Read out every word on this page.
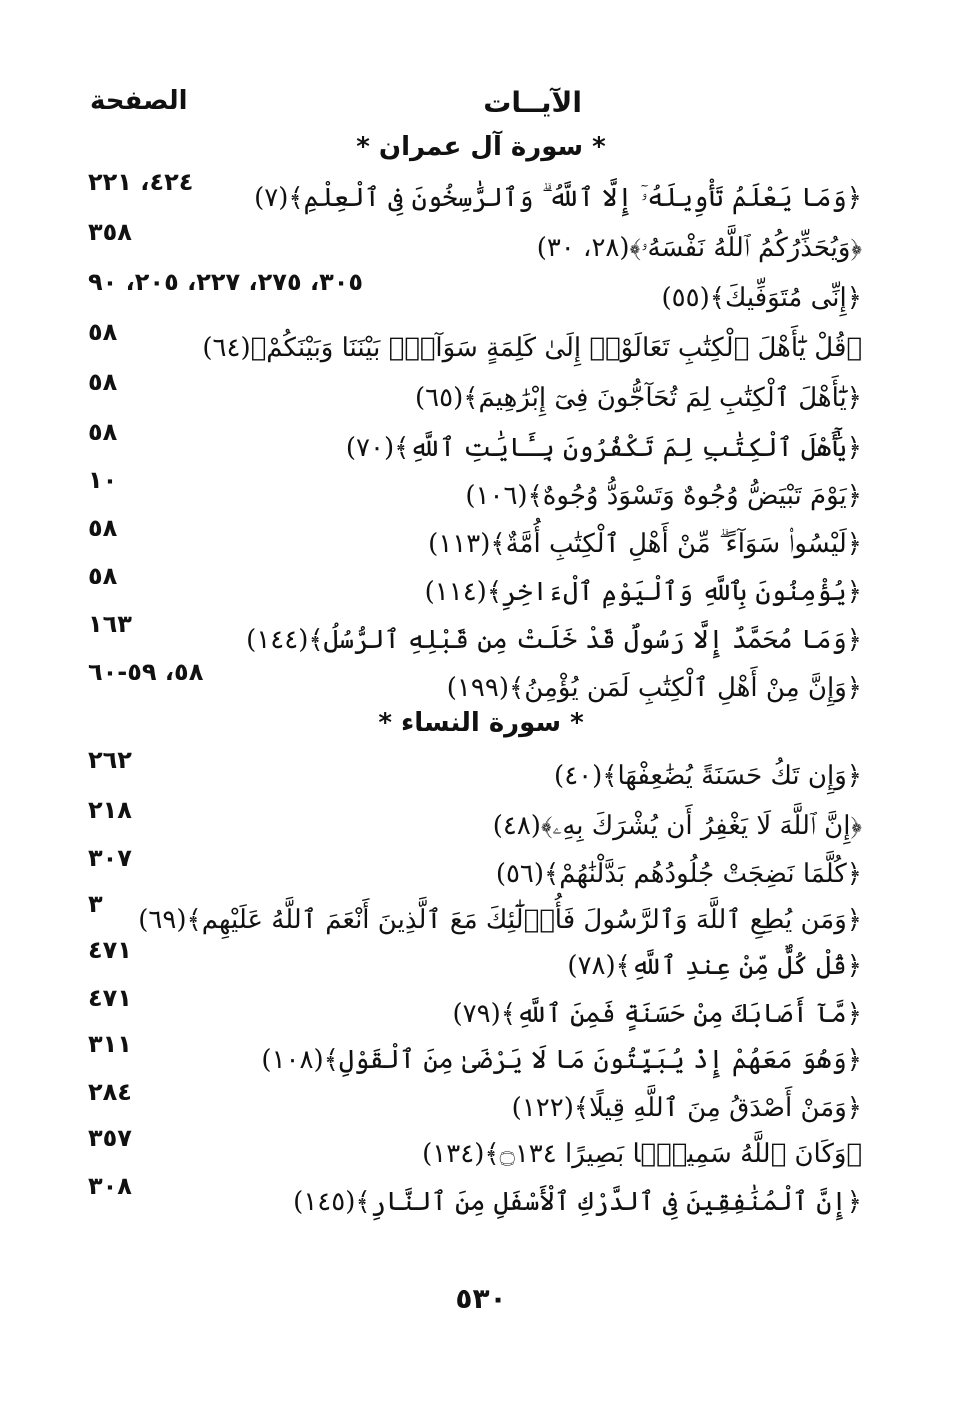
الآيــات
الصفحة
* سورة آل عمران *
﴿وَمَا يَعْلَمُ تَأْوِيلَهُۥٓ إِلَّا ٱللَّهُ ۗ وَٱلرَّٰسِخُونَ فِى ٱلْعِلْمِ﴾(٧)
٤٢٤، ٢٢١
﴿وَيُحَذِّرُكُمُ ٱللَّهُ نَفْسَهُۥ﴾(٢٨، ٣٠)
٣٥٨
﴿إِنِّى مُتَوَفِّيكَ﴾(٥٥)
٣٠٥، ٢٧٥، ٢٢٧، ٢٠٥، ٩٠
﴿قُلْ يَٰٓأَهْلَ ٱلْكِتَٰبِ تَعَالَوْا۟ إِلَىٰ كَلِمَةٍ سَوَآءٍۭ بَيْنَنَا وَبَيْنَكُمْ﴾(٦٤)
٥٨
﴿يَٰٓأَهْلَ ٱلْكِتَٰبِ لِمَ تُحَآجُّونَ فِىٓ إِبْرَٰهِيمَ﴾(٦٥)
٥٨
﴿يَٰٓأَهْلَ ٱلْكِتَٰبِ لِمَ تَكْفُرُونَ بِـَٔايَٰتِ ٱللَّهِ﴾(٧٠)
٥٨
﴿يَوْمَ تَبْيَضُّ وُجُوهٌ وَتَسْوَدُّ وُجُوهٌ﴾(١٠٦)
١٠
﴿لَيْسُوا۟ سَوَآءً ۗ مِّنْ أَهْلِ ٱلْكِتَٰبِ أُمَّةٌ﴾(١١٣)
٥٨
﴿يُؤْمِنُونَ بِٱللَّهِ وَٱلْيَوْمِ ٱلْءَاخِرِ﴾(١١٤)
٥٨
﴿وَمَا مُحَمَّدٌ إِلَّا رَسُولٌ قَدْ خَلَتْ مِن قَبْلِهِ ٱلرُّسُلُ﴾(١٤٤)
١٦٣
﴿وَإِنَّ مِنْ أَهْلِ ٱلْكِتَٰبِ لَمَن يُؤْمِنُ﴾(١٩٩)
٥٨، ٥٩-٦٠
* سورة النساء *
﴿وَإِن تَكُ حَسَنَةً يُضَٰعِفْهَا﴾(٤٠)
٢٦٢
﴿إِنَّ ٱللَّهَ لَا يَغْفِرُ أَن يُشْرَكَ بِهِۦ﴾(٤٨)
٢١٨
﴿كُلَّمَا نَضِجَتْ جُلُودُهُم بَدَّلْنَٰهُمْ﴾(٥٦)
٣٠٧
﴿وَمَن يُطِعِ ٱللَّهَ وَٱلرَّسُولَ فَأُو۟لَٰٓئِكَ مَعَ ٱلَّذِينَ أَنْعَمَ ٱللَّهُ عَلَيْهِم﴾(٦٩)
٣
﴿قُلْ كُلٌّ مِّنْ عِندِ ٱللَّهِ﴾(٧٨)
٤٧١
﴿مَّآ أَصَابَكَ مِنْ حَسَنَةٍ فَمِنَ ٱللَّهِ﴾(٧٩)
٤٧١
﴿وَهُوَ مَعَهُمْ إِذْ يُبَيِّتُونَ مَا لَا يَرْضَىٰ مِنَ ٱلْقَوْلِ﴾(١٠٨)
٣١١
﴿وَمَنْ أَصْدَقُ مِنَ ٱللَّهِ قِيلًا﴾(١٢٢)
٢٨٤
﴿وَكَانَ ٱللَّهُ سَمِيعًۢا بَصِيرًا ۝١٣٤﴾(١٣٤)
٣٥٧
﴿إِنَّ ٱلْمُنَٰفِقِينَ فِى ٱلدَّرْكِ ٱلْأَسْفَلِ مِنَ ٱلنَّارِ﴾(١٤٥)
٣٠٨
٥٣٠
